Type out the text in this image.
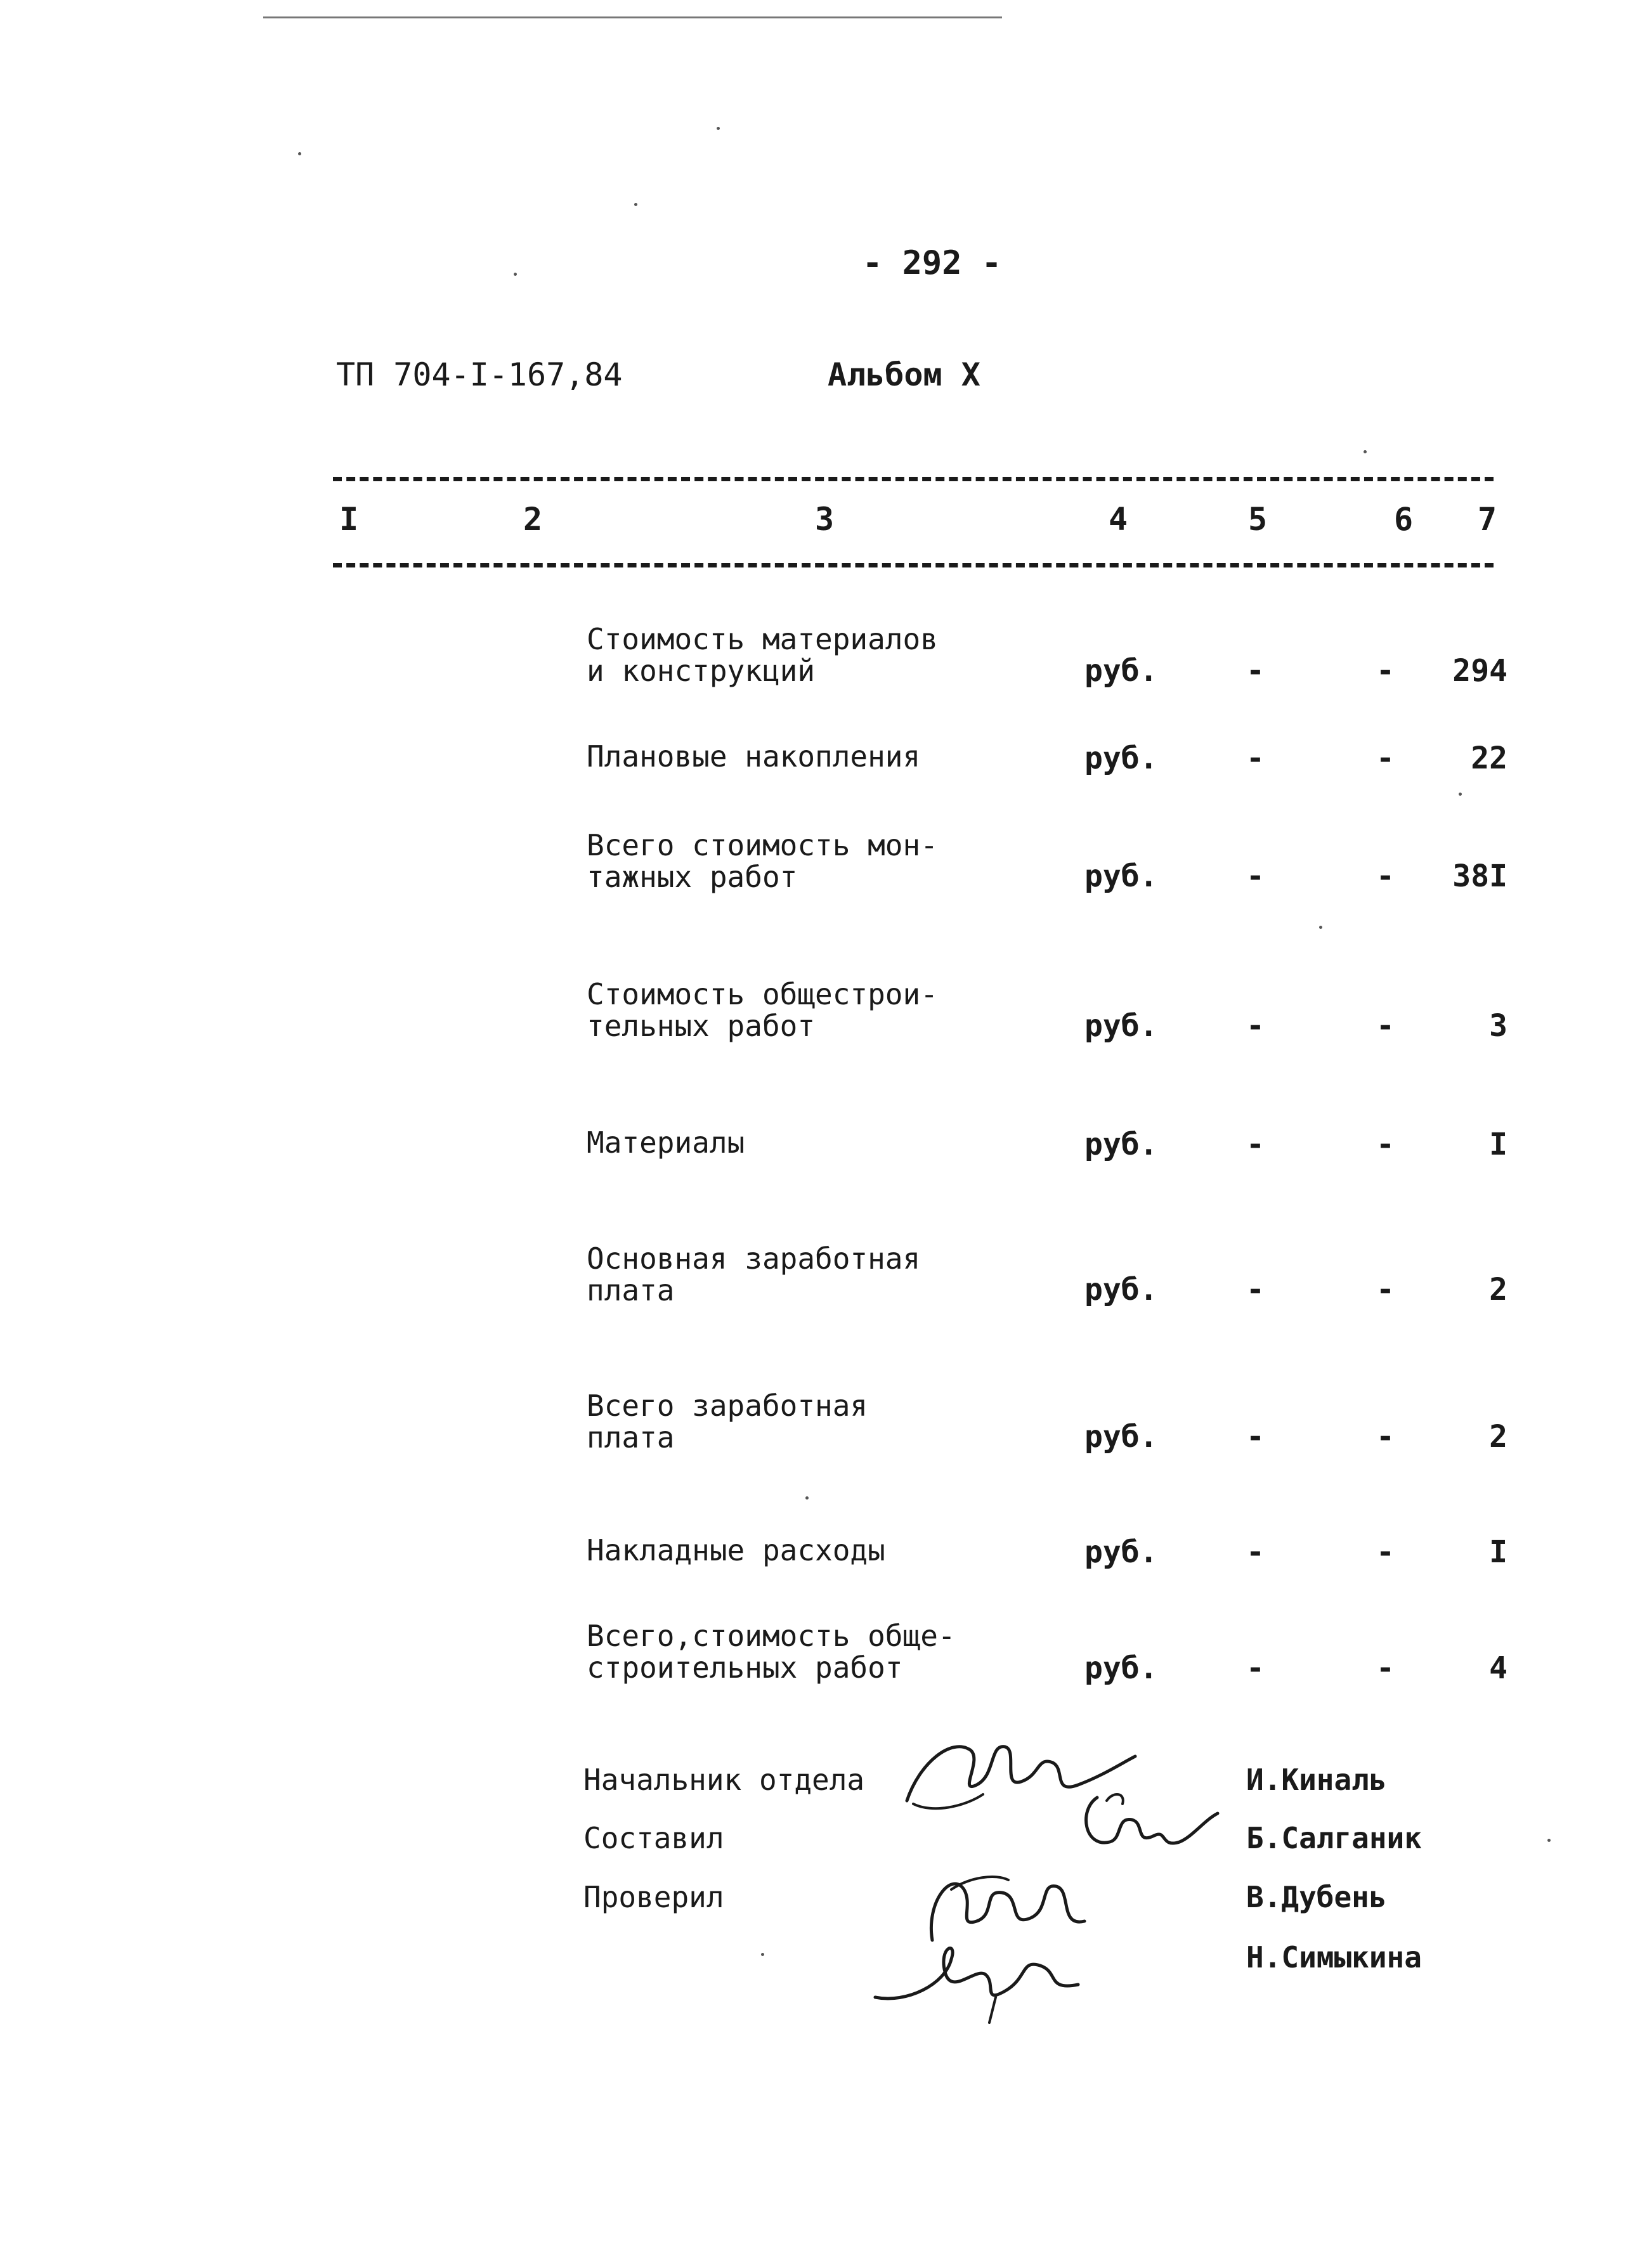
- 292 -
ТП 704-I-167,84	Альбом X
I	2	3	4	5	6 7
Стоимость материалов
и конструкций	руб.	-	- 294
Плановые накопления	руб.	-	-	22
Всего стоимость мон-
тажных работ	руб.	-	- 38I
Стоимость общестрои-
тельных работ	руб.	-	-	3
Материалы	руб.	-	-	I
Основная заработная
плата	руб.	-	-	2
Всего заработная
плата	руб.	-	-	2
Накладные расходы	руб.	-	-	I
Всего,стоимость обще-
строительных работ	руб.	-	-	4
Начальник отдела
Составил
Проверил
И.Киналь
Б.Салганик
В.Дубень
Н.Симыкина
